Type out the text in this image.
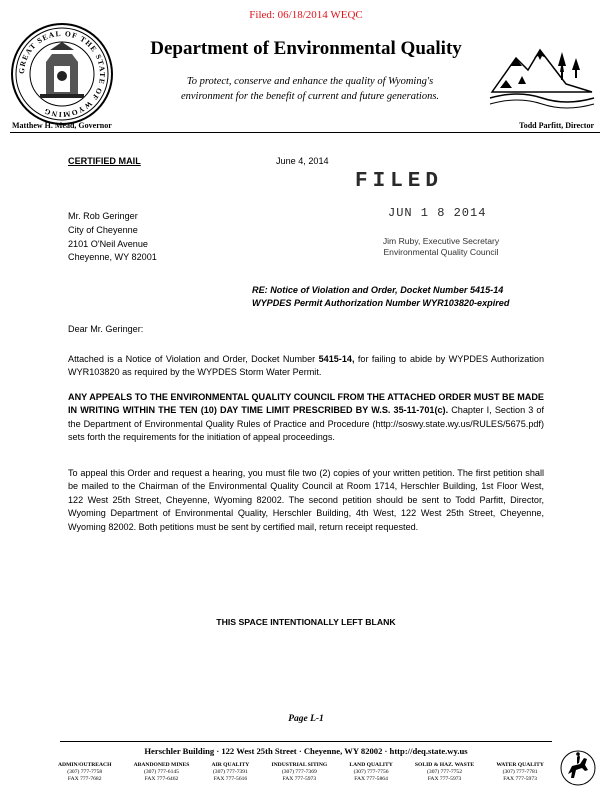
Filed: 06/18/2014 WEQC
GREAT SEAL OF THE STATE OF WYOMING
Department of Environmental Quality
To protect, conserve and enhance the quality of Wyoming's
environment for the benefit of current and future generations.
Matthew H. Mead, Governor	Todd Parfitt, Director
CERTIFIED MAIL	June 4, 2014
FILED
JUN 1 8 2014
Jim Ruby, Executive Secretary
Environmental Quality Council
Mr. Rob Geringer
City of Cheyenne
2101 O'Neil Avenue
Cheyenne, WY 82001
RE: Notice of Violation and Order, Docket Number 5415-14
WYPDES Permit Authorization Number WYR103820-expired
Dear Mr. Geringer:
Attached is a Notice of Violation and Order, Docket Number 5415-14, for failing to abide by WYPDES Authorization WYR103820 as required by the WYPDES Storm Water Permit.
ANY APPEALS TO THE ENVIRONMENTAL QUALITY COUNCIL FROM THE ATTACHED ORDER MUST BE MADE IN WRITING WITHIN THE TEN (10) DAY TIME LIMIT PRESCRIBED BY W.S. 35-11-701(c). Chapter I, Section 3 of the Department of Environmental Quality Rules of Practice and Procedure (http://soswy.state.wy.us/RULES/5675.pdf) sets forth the requirements for the initiation of appeal proceedings.
To appeal this Order and request a hearing, you must file two (2) copies of your written petition. The first petition shall be mailed to the Chairman of the Environmental Quality Council at Room 1714, Herschler Building, 1st Floor West, 122 West 25th Street, Cheyenne, Wyoming 82002. The second petition should be sent to Todd Parfitt, Director, Wyoming Department of Environmental Quality, Herschler Building, 4th West, 122 West 25th Street, Cheyenne, Wyoming 82002. Both petitions must be sent by certified mail, return receipt requested.
THIS SPACE INTENTIONALLY LEFT BLANK
Page L-1
Herschler Building · 122 West 25th Street · Cheyenne, WY 82002 · http://deq.state.wy.us
ADMIN/OUTREACH
(307) 777-7758
FAX 777-7682
ABANDONED MINES
(307) 777-6145
FAX 777-6462
AIR QUALITY
(307) 777-7391
FAX 777-5616
INDUSTRIAL SITING
(307) 777-7369
FAX 777-5973
LAND QUALITY
(307) 777-7756
FAX 777-5864
SOLID & HAZ. WASTE
(307) 777-7752
FAX 777-5973
WATER QUALITY
(307) 777-7781
FAX 777-5973
